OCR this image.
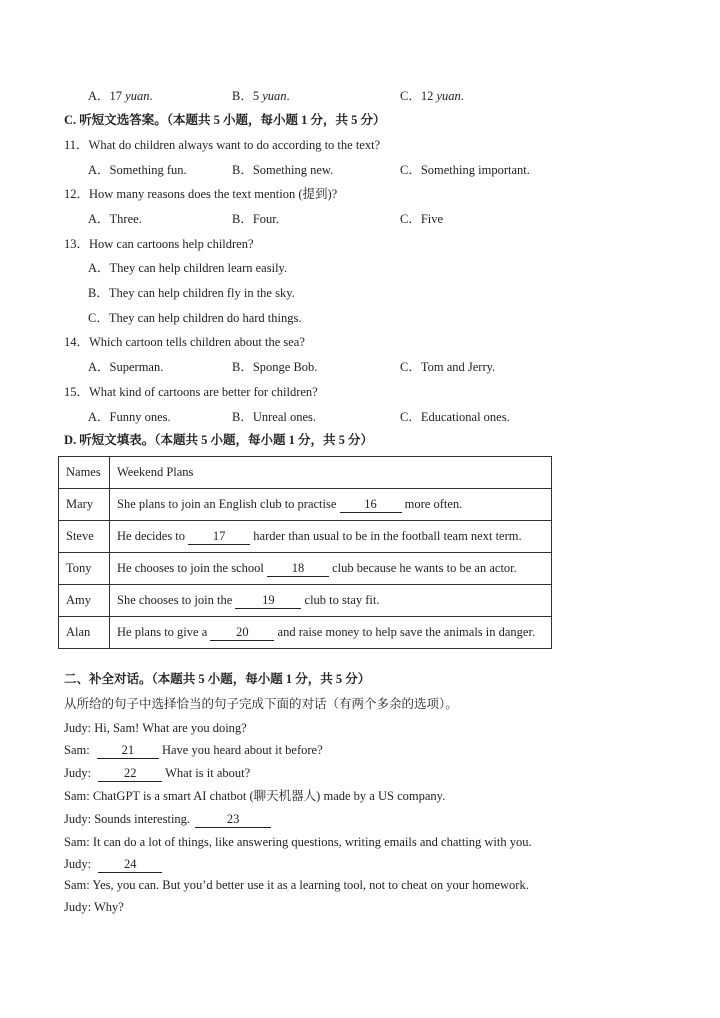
A．17 yuan.	B．5 yuan.	C．12 yuan.
C. 听短文选答案。（本题共 5 小题，每小题 1 分，共 5 分）
11．What do children always want to do according to the text?
A．Something fun.	B．Something new.	C．Something important.
12．How many reasons does the text mention (提到)?
A．Three.	B．Four.	C．Five
13．How can cartoons help children?
A．They can help children learn easily.
B．They can help children fly in the sky.
C．They can help children do hard things.
14．Which cartoon tells children about the sea?
A．Superman.	B．Sponge Bob.	C．Tom and Jerry.
15．What kind of cartoons are better for children?
A．Funny ones.	B．Unreal ones.	C．Educational ones.
D. 听短文填表。（本题共 5 小题，每小题 1 分，共 5 分）
Names	Weekend Plans
Mary	She plans to join an English club to practise 16 more often.
Steve	He decides to 17 harder than usual to be in the football team next term.
Tony	He chooses to join the school 18 club because he wants to be an actor.
Amy	She chooses to join the 19 club to stay fit.
Alan	He plans to give a 20 and raise money to help save the animals in danger.
二、补全对话。（本题共 5 小题，每小题 1 分，共 5 分）
从所给的句子中选择恰当的句子完成下面的对话（有两个多余的选项）。
Judy: Hi, Sam! What are you doing?
Sam: 21 Have you heard about it before?
Judy: 22 What is it about?
Sam: ChatGPT is a smart AI chatbot (聊天机器人) made by a US company.
Judy: Sounds interesting.	23
Sam: It can do a lot of things, like answering questions, writing emails and chatting with you.
Judy: 24
Sam: Yes, you can. But you’d better use it as a learning tool, not to cheat on your homework.
Judy: Why?
